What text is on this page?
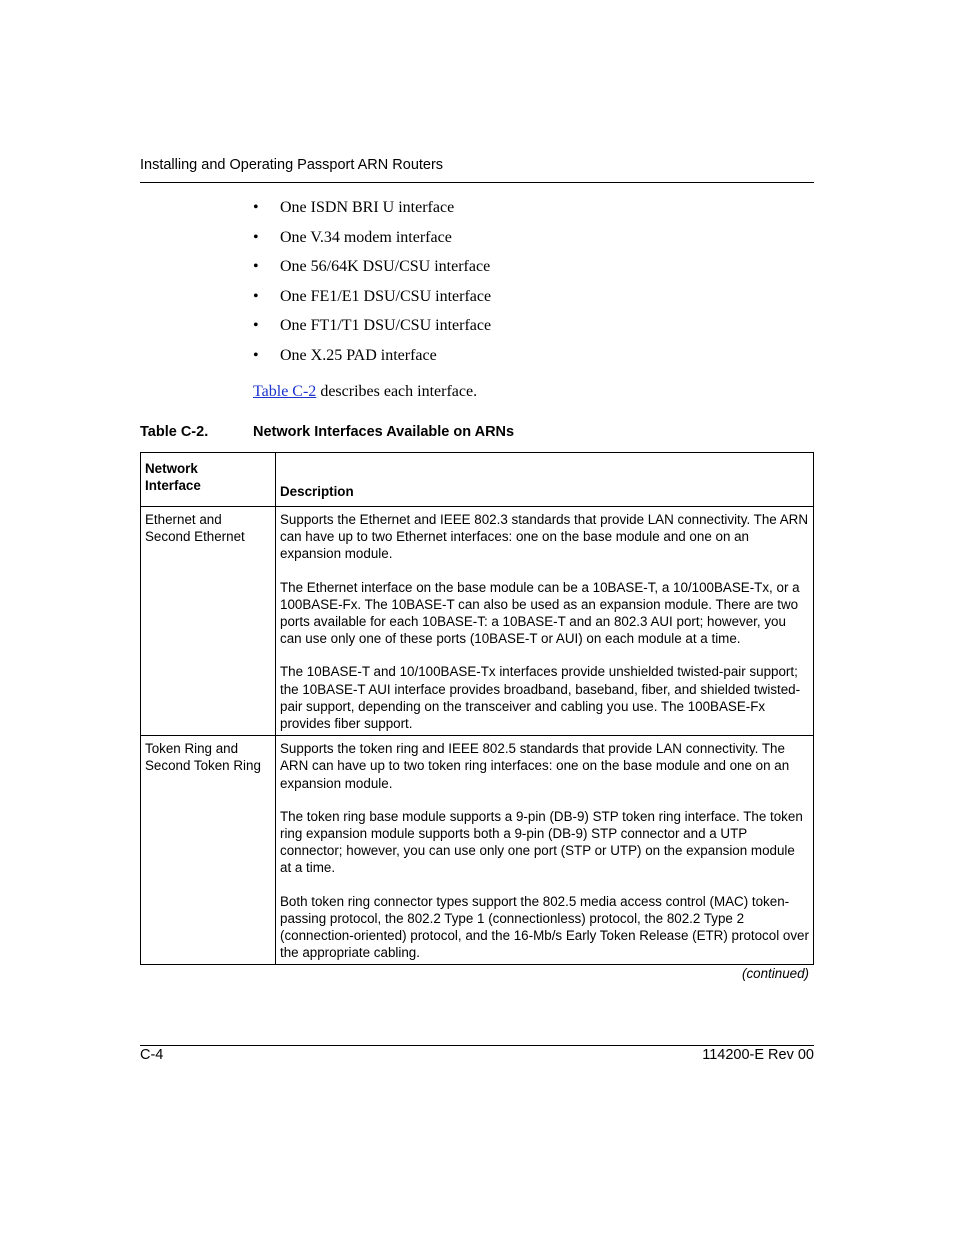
Installing and Operating Passport ARN Routers
• One ISDN BRI U interface
• One V.34 modem interface
• One 56/64K DSU/CSU interface
• One FE1/E1 DSU/CSU interface
• One FT1/T1 DSU/CSU interface
• One X.25 PAD interface
Table C-2 describes each interface.
Table C-2.	Network Interfaces Available on ARNs
Network
Interface	Description
Ethernet and Second Ethernet	Supports the Ethernet and IEEE 802.3 standards that provide LAN connectivity. The ARN can have up to two Ethernet interfaces: one on the base module and one on an expansion module.

The Ethernet interface on the base module can be a 10BASE-T, a 10/100BASE-Tx, or a 100BASE-Fx. The 10BASE-T can also be used as an expansion module. There are two ports available for each 10BASE-T: a 10BASE-T and an 802.3 AUI port; however, you can use only one of these ports (10BASE-T or AUI) on each module at a time.

The 10BASE-T and 10/100BASE-Tx interfaces provide unshielded twisted-pair support; the 10BASE-T AUI interface provides broadband, baseband, fiber, and shielded twisted-pair support, depending on the transceiver and cabling you use. The 100BASE-Fx provides fiber support.

Token Ring and Second Token Ring	Supports the token ring and IEEE 802.5 standards that provide LAN connectivity. The ARN can have up to two token ring interfaces: one on the base module and one on an expansion module.

The token ring base module supports a 9-pin (DB-9) STP token ring interface. The token ring expansion module supports both a 9-pin (DB-9) STP connector and a UTP connector; however, you can use only one port (STP or UTP) on the expansion module at a time.

Both token ring connector types support the 802.5 media access control (MAC) token-passing protocol, the 802.2 Type 1 (connectionless) protocol, the 802.2 Type 2 (connection-oriented) protocol, and the 16-Mb/s Early Token Release (ETR) protocol over the appropriate cabling.

(continued)
C-4	114200-E Rev 00
